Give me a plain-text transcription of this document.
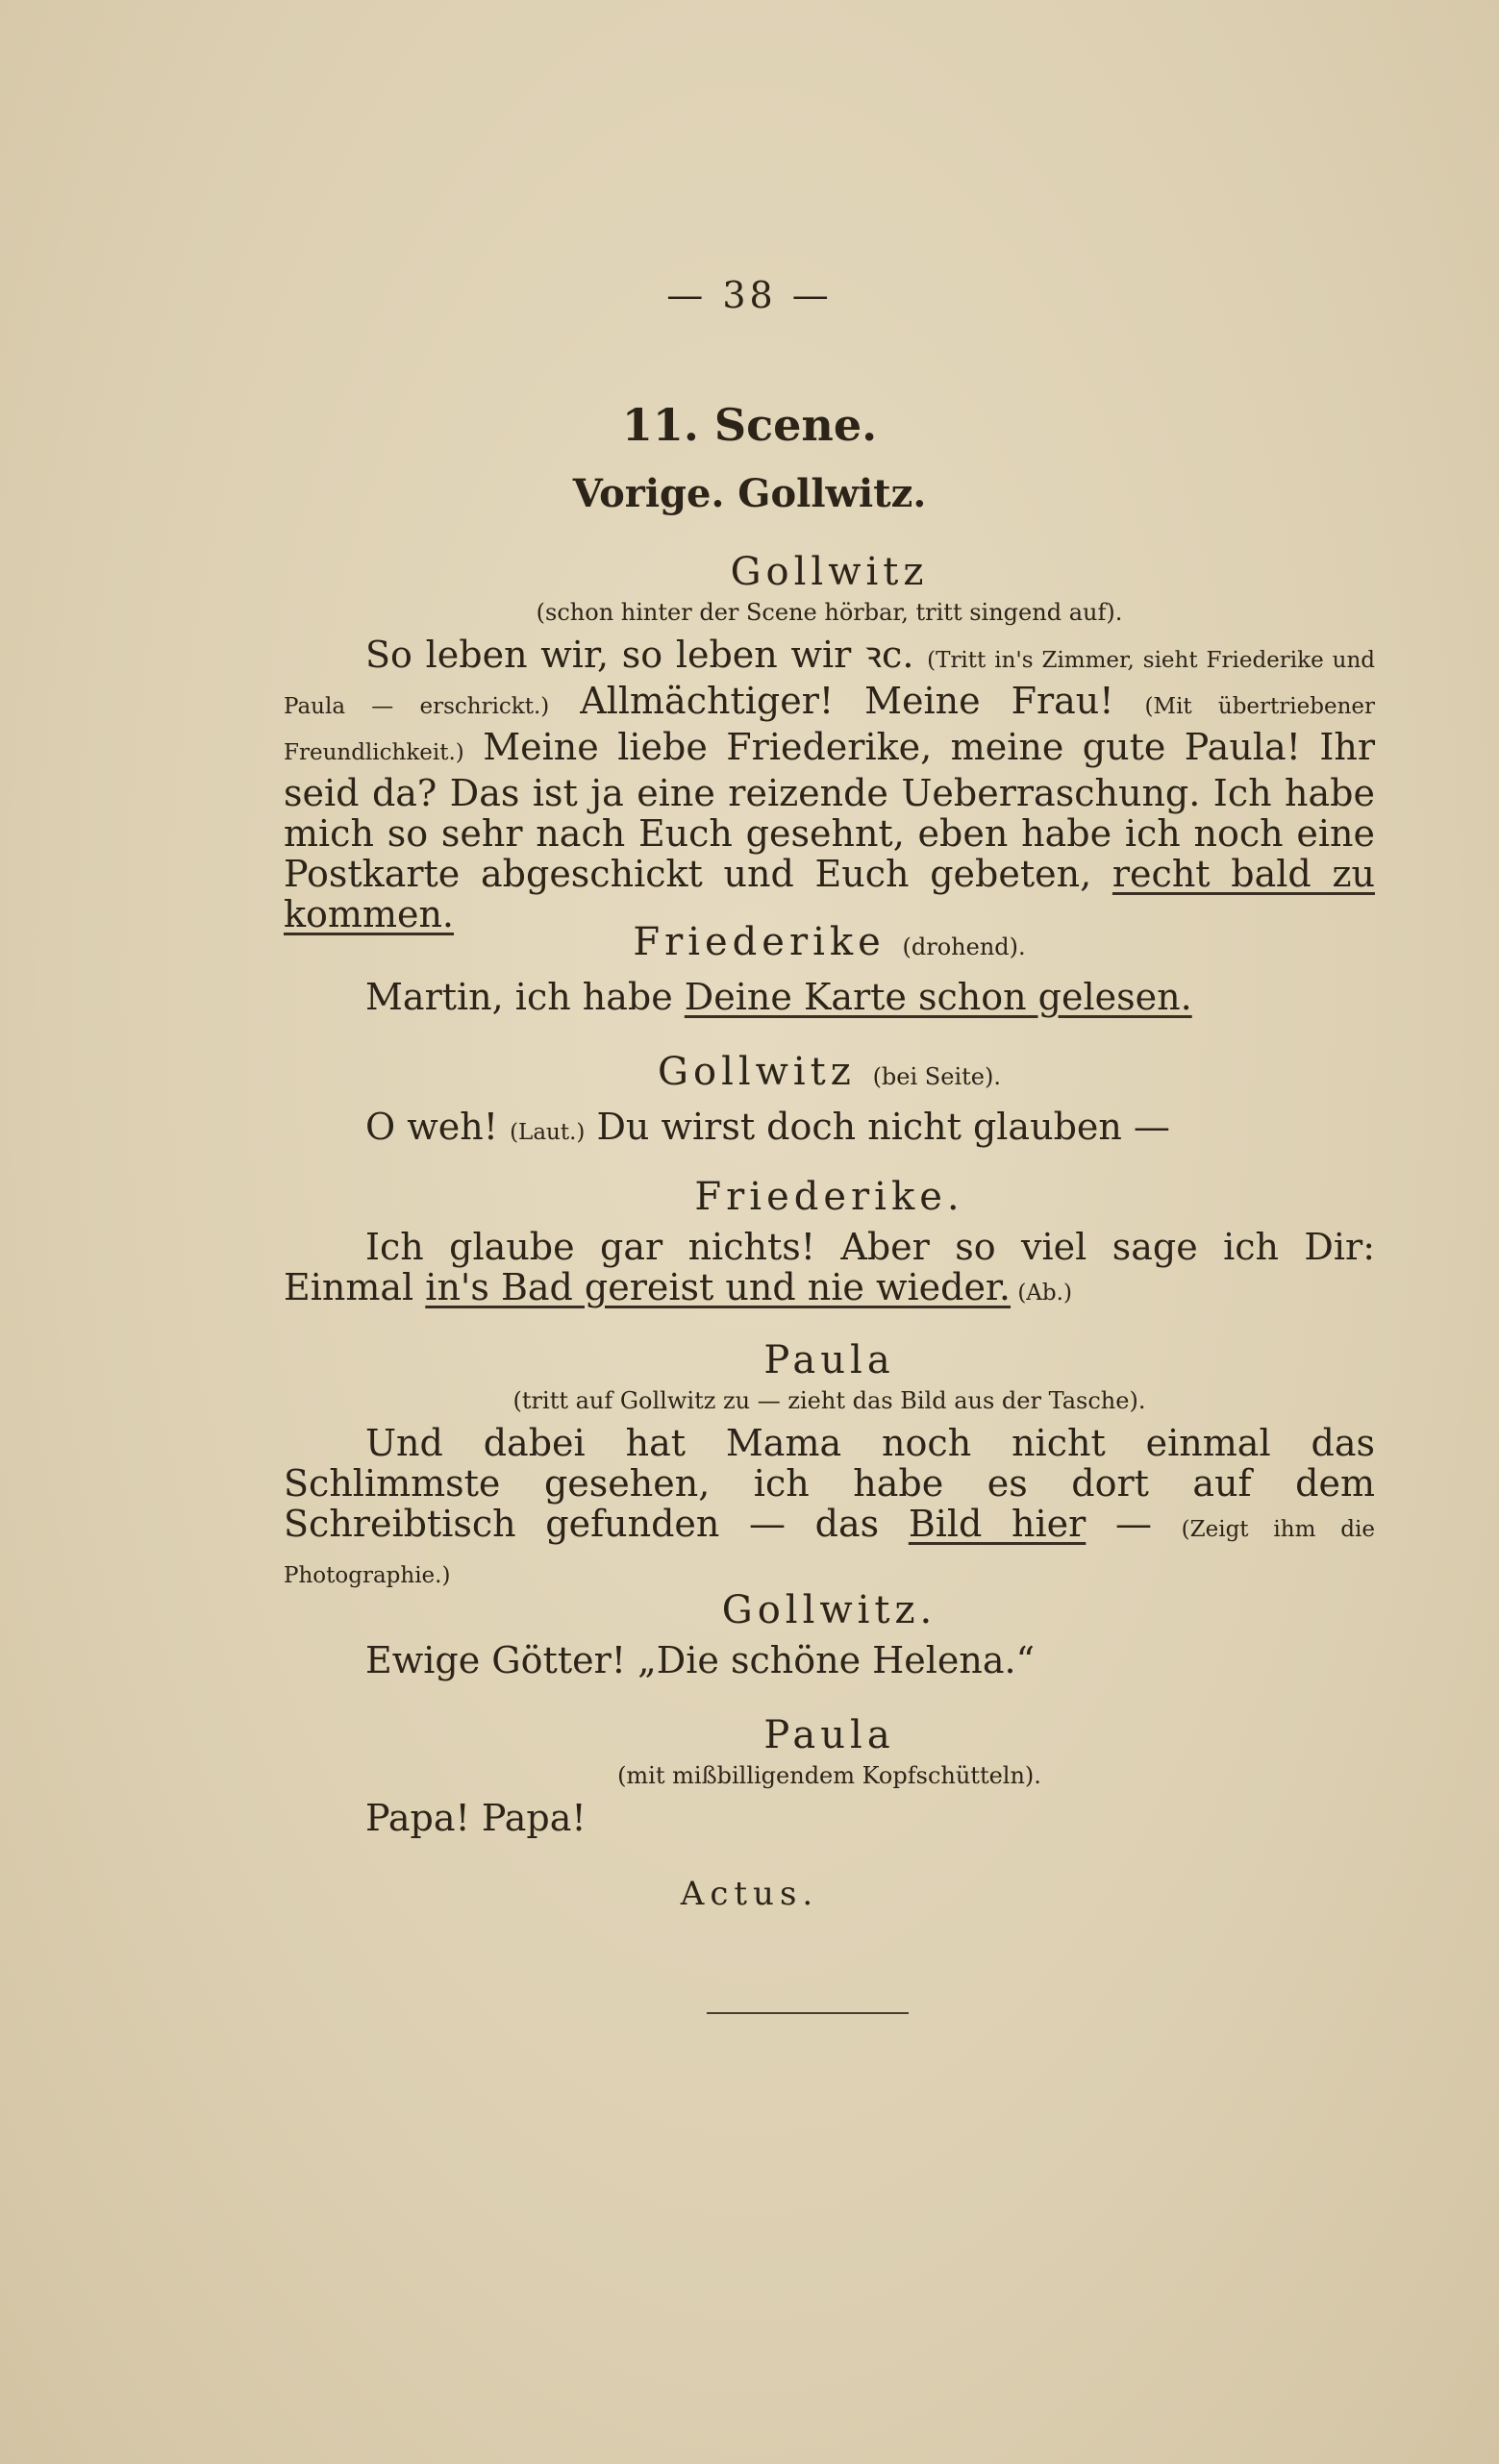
— 38 —
11. Scene.
Vorige. Gollwitz.
Gollwitz
(schon hinter der Scene hörbar, tritt singend auf).
So leben wir, so leben wir ꝛc. (Tritt in's Zimmer, sieht Friederike und Paula — erschrickt.) Allmächtiger! Meine Frau! (Mit übertriebener Freundlichkeit.) Meine liebe Friederike, meine gute Paula! Ihr seid da? Das ist ja eine reizende Ueberraschung. Ich habe mich so sehr nach Euch gesehnt, eben habe ich noch eine Postkarte abgeschickt und Euch gebeten, recht bald zu kommen.
Friederike (drohend).
Martin, ich habe Deine Karte schon gelesen.
Gollwitz (bei Seite).
O weh! (Laut.) Du wirst doch nicht glauben —
Friederike.
Ich glaube gar nichts! Aber so viel sage ich Dir: Einmal in's Bad gereist und nie wieder. (Ab.)
Paula
(tritt auf Gollwitz zu — zieht das Bild aus der Tasche).
Und dabei hat Mama noch nicht einmal das Schlimmste gesehen, ich habe es dort auf dem Schreibtisch gefunden — das Bild hier — (Zeigt ihm die Photographie.)
Gollwitz.
Ewige Götter! „Die schöne Helena.“
Paula
(mit mißbilligendem Kopfschütteln).
Papa! Papa!
Actus.
